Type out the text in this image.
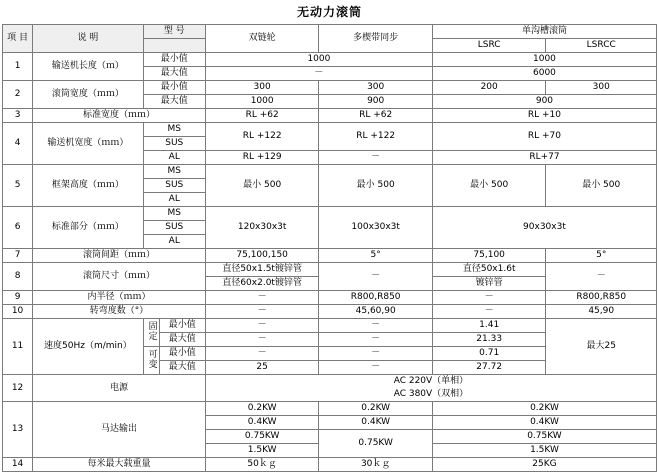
无动力滚筒
项 目	说 明	型 号		双链轮	多楔带同步	单沟槽滚筒	
						LSRC	LSRCC
1	输送机长度（ｍ）	最小值		1000		1000	
		最大值		－		6000	
2	滚筒宽度（ｍｍ）	最小值		300	300	200	300
		最大值		1000	900	900	
3	标准宽度（ｍｍ）			RL +62	RL +62	RL +10	
4	输送机宽度（ｍｍ）	MS		RL +122	RL +122	RL +70	
		SUS					
		AL		RL +129	－	RL+77	
5	框架高度（ｍｍ）	MS		最小 500	最小 500	最小 500	最小 500
		SUS					
		AL					
6	标准部分（ｍｍ）	MS		120x30x3t	100x30x3t	90x30x3t	
		SUS					
		AL					
7	滚筒间距（ｍｍ）			75,100,150	5°	75,100	5°
8	滚筒尺寸（ｍｍ）			直径50x1.5t镀锌管	－	直径50x1.6t	－
				直径60x2.0t镀锌管		镀锌管	
9	内半径（ｍｍ）			－	R800,R850	－	R800,R850
10	转弯度数（°）			－	45,60,90	－	45,90
11	速度50Hz（m/min）	固定	最小值	－	－	1.41	最大25
			最大值	－	－	21.33	
		可变	最小值	－	－	0.71	
			最大值	25	－	27.72	
12	电源			AC 220V（单相）			
				AC 380V（双相）			
13	马达输出			0.2KW	0.2KW	0.2KW	
				0.4KW	0.4KW	0.4KW	
				0.75KW	0.75KW	0.75KW	
				1.5KW		1.5KW	
14	每米最大载重量			50ｋｇ	30ｋｇ	25KG	
